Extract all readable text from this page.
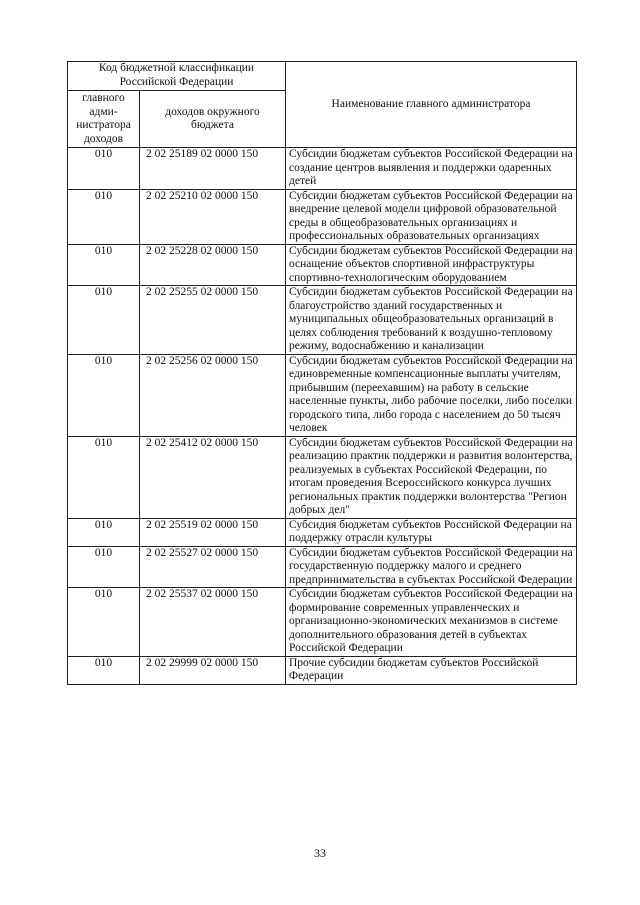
Код бюджетной классификации Российской Федерации		Наименование главного администратора
главного адми-нистратора доходов	доходов окружного бюджета	
010	2 02 25189 02 0000 150	Субсидии бюджетам субъектов Российской Федерации на создание центров выявления и поддержки одаренных детей
010	2 02 25210 02 0000 150	Субсидии бюджетам субъектов Российской Федерации на внедрение целевой модели цифровой образовательной среды в общеобразовательных организациях и профессиональных образовательных организациях
010	2 02 25228 02 0000 150	Субсидии бюджетам субъектов Российской Федерации на оснащение объектов спортивной инфраструктуры спортивно-технологическим оборудованием
010	2 02 25255 02 0000 150	Субсидии бюджетам субъектов Российской Федерации на благоустройство зданий государственных и муниципальных общеобразовательных организаций в целях соблюдения требований к воздушно-тепловому режиму, водоснабжению и канализации
010	2 02 25256 02 0000 150	Субсидии бюджетам субъектов Российской Федерации на единовременные компенсационные выплаты учителям, прибывшим (переехавшим) на работу в сельские населенные пункты, либо рабочие поселки, либо поселки городского типа, либо города с населением до 50 тысяч человек
010	2 02 25412 02 0000 150	Субсидии бюджетам субъектов Российской Федерации на реализацию практик поддержки и развития волонтерства, реализуемых в субъектах Российской Федерации, по итогам проведения Всероссийского конкурса лучших региональных практик поддержки волонтерства "Регион добрых дел"
010	2 02 25519 02 0000 150	Субсидия бюджетам субъектов Российской Федерации на поддержку отрасли культуры
010	2 02 25527 02 0000 150	Субсидии бюджетам субъектов Российской Федерации на государственную поддержку малого и среднего предпринимательства в субъектах Российской Федерации
010	2 02 25537 02 0000 150	Субсидии бюджетам субъектов Российской Федерации на формирование современных управленческих и организационно-экономических механизмов в системе дополнительного образования детей в субъектах Российской Федерации
010	2 02 29999 02 0000 150	Прочие субсидии бюджетам субъектов Российской Федерации
33
